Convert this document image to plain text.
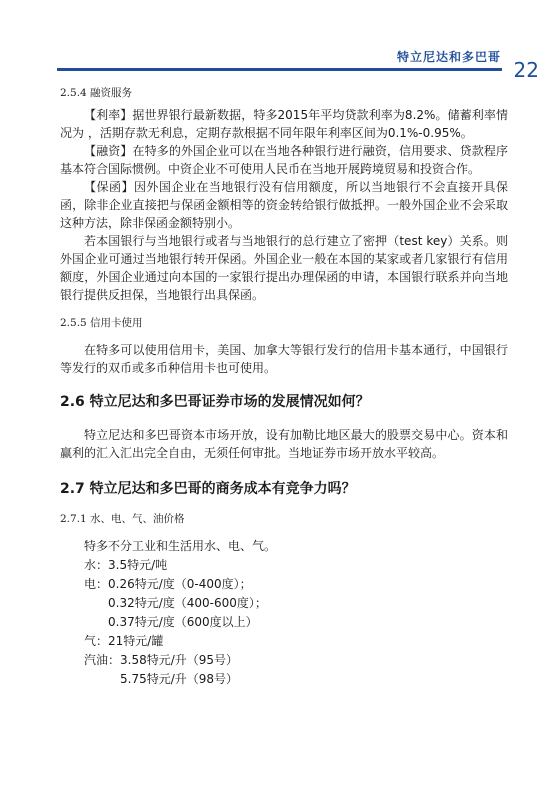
特立尼达和多巴哥
22

2.5.4 融资服务

【利率】据世界银行最新数据，特多2015年平均贷款利率为8.2%。储蓄利率情况为 ，活期存款无利息，定期存款根据不同年限年利率区间为0.1%-0.95%。

【融资】在特多的外国企业可以在当地各种银行进行融资，信用要求、贷款程序基本符合国际惯例。中资企业不可使用人民币在当地开展跨境贸易和投资合作。

【保函】因外国企业在当地银行没有信用额度，所以当地银行不会直接开具保函，除非企业直接把与保函金额相等的资金转给银行做抵押。一般外国企业不会采取这种方法，除非保函金额特别小。

若本国银行与当地银行或者与当地银行的总行建立了密押（test key）关系。则外国企业可通过当地银行转开保函。外国企业一般在本国的某家或者几家银行有信用额度，外国企业通过向本国的一家银行提出办理保函的申请，本国银行联系并向当地银行提供反担保，当地银行出具保函。

2.5.5 信用卡使用

在特多可以使用信用卡，美国、加拿大等银行发行的信用卡基本通行，中国银行等发行的双币或多币种信用卡也可使用。

2.6 特立尼达和多巴哥证券市场的发展情况如何？

特立尼达和多巴哥资本市场开放，设有加勒比地区最大的股票交易中心。资本和赢利的汇入汇出完全自由，无须任何审批。当地证券市场开放水平较高。

2.7 特立尼达和多巴哥的商务成本有竞争力吗？

2.7.1 水、电、气、油价格

特多不分工业和生活用水、电、气。
水：3.5特元/吨
电：0.26特元/度（0-400度）；
0.32特元/度（400-600度）；
0.37特元/度（600度以上）
气：21特元/罐
汽油：3.58特元/升（95号）
5.75特元/升（98号）
